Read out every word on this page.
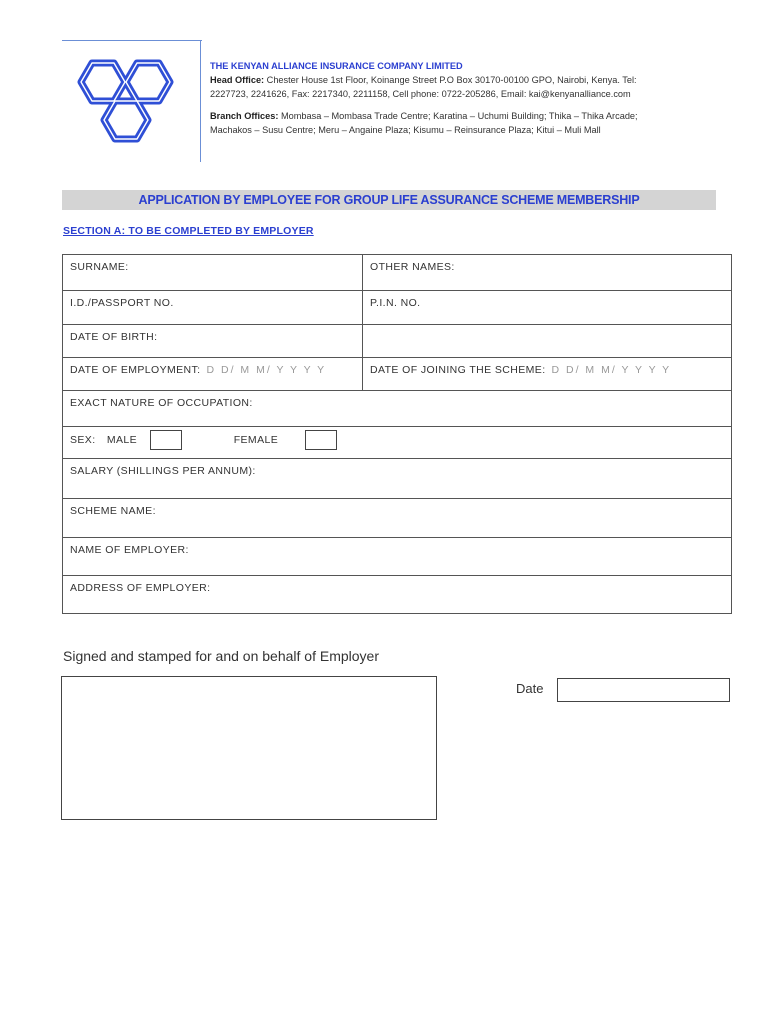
THE KENYAN ALLIANCE INSURANCE COMPANY LIMITED
Head Office: Chester House 1st Floor, Koinange Street P.O Box 30170-00100 GPO, Nairobi, Kenya. Tel:
2227723, 2241626, Fax: 2217340, 2211158, Cell phone: 0722-205286, Email: kai@kenyanalliance.com
Branch Offices: Mombasa – Mombasa Trade Centre; Karatina – Uchumi Building; Thika – Thika Arcade;
Machakos – Susu Centre; Meru – Angaine Plaza; Kisumu – Reinsurance Plaza; Kitui – Muli Mall
APPLICATION BY EMPLOYEE FOR GROUP LIFE ASSURANCE SCHEME MEMBERSHIP
SECTION A: TO BE COMPLETED BY EMPLOYER
SURNAME:	OTHER NAMES:
I.D./PASSPORT NO.	P.I.N. NO.
DATE OF BIRTH:
DATE OF EMPLOYMENT: D D/ M M/ Y Y Y Y	DATE OF JOINING THE SCHEME: D D/ M M/ Y Y Y Y
EXACT NATURE OF OCCUPATION:
SEX: MALE	FEMALE
SALARY (SHILLINGS PER ANNUM):
SCHEME NAME:
NAME OF EMPLOYER:
ADDRESS OF EMPLOYER:
Signed and stamped for and on behalf of Employer
Date
